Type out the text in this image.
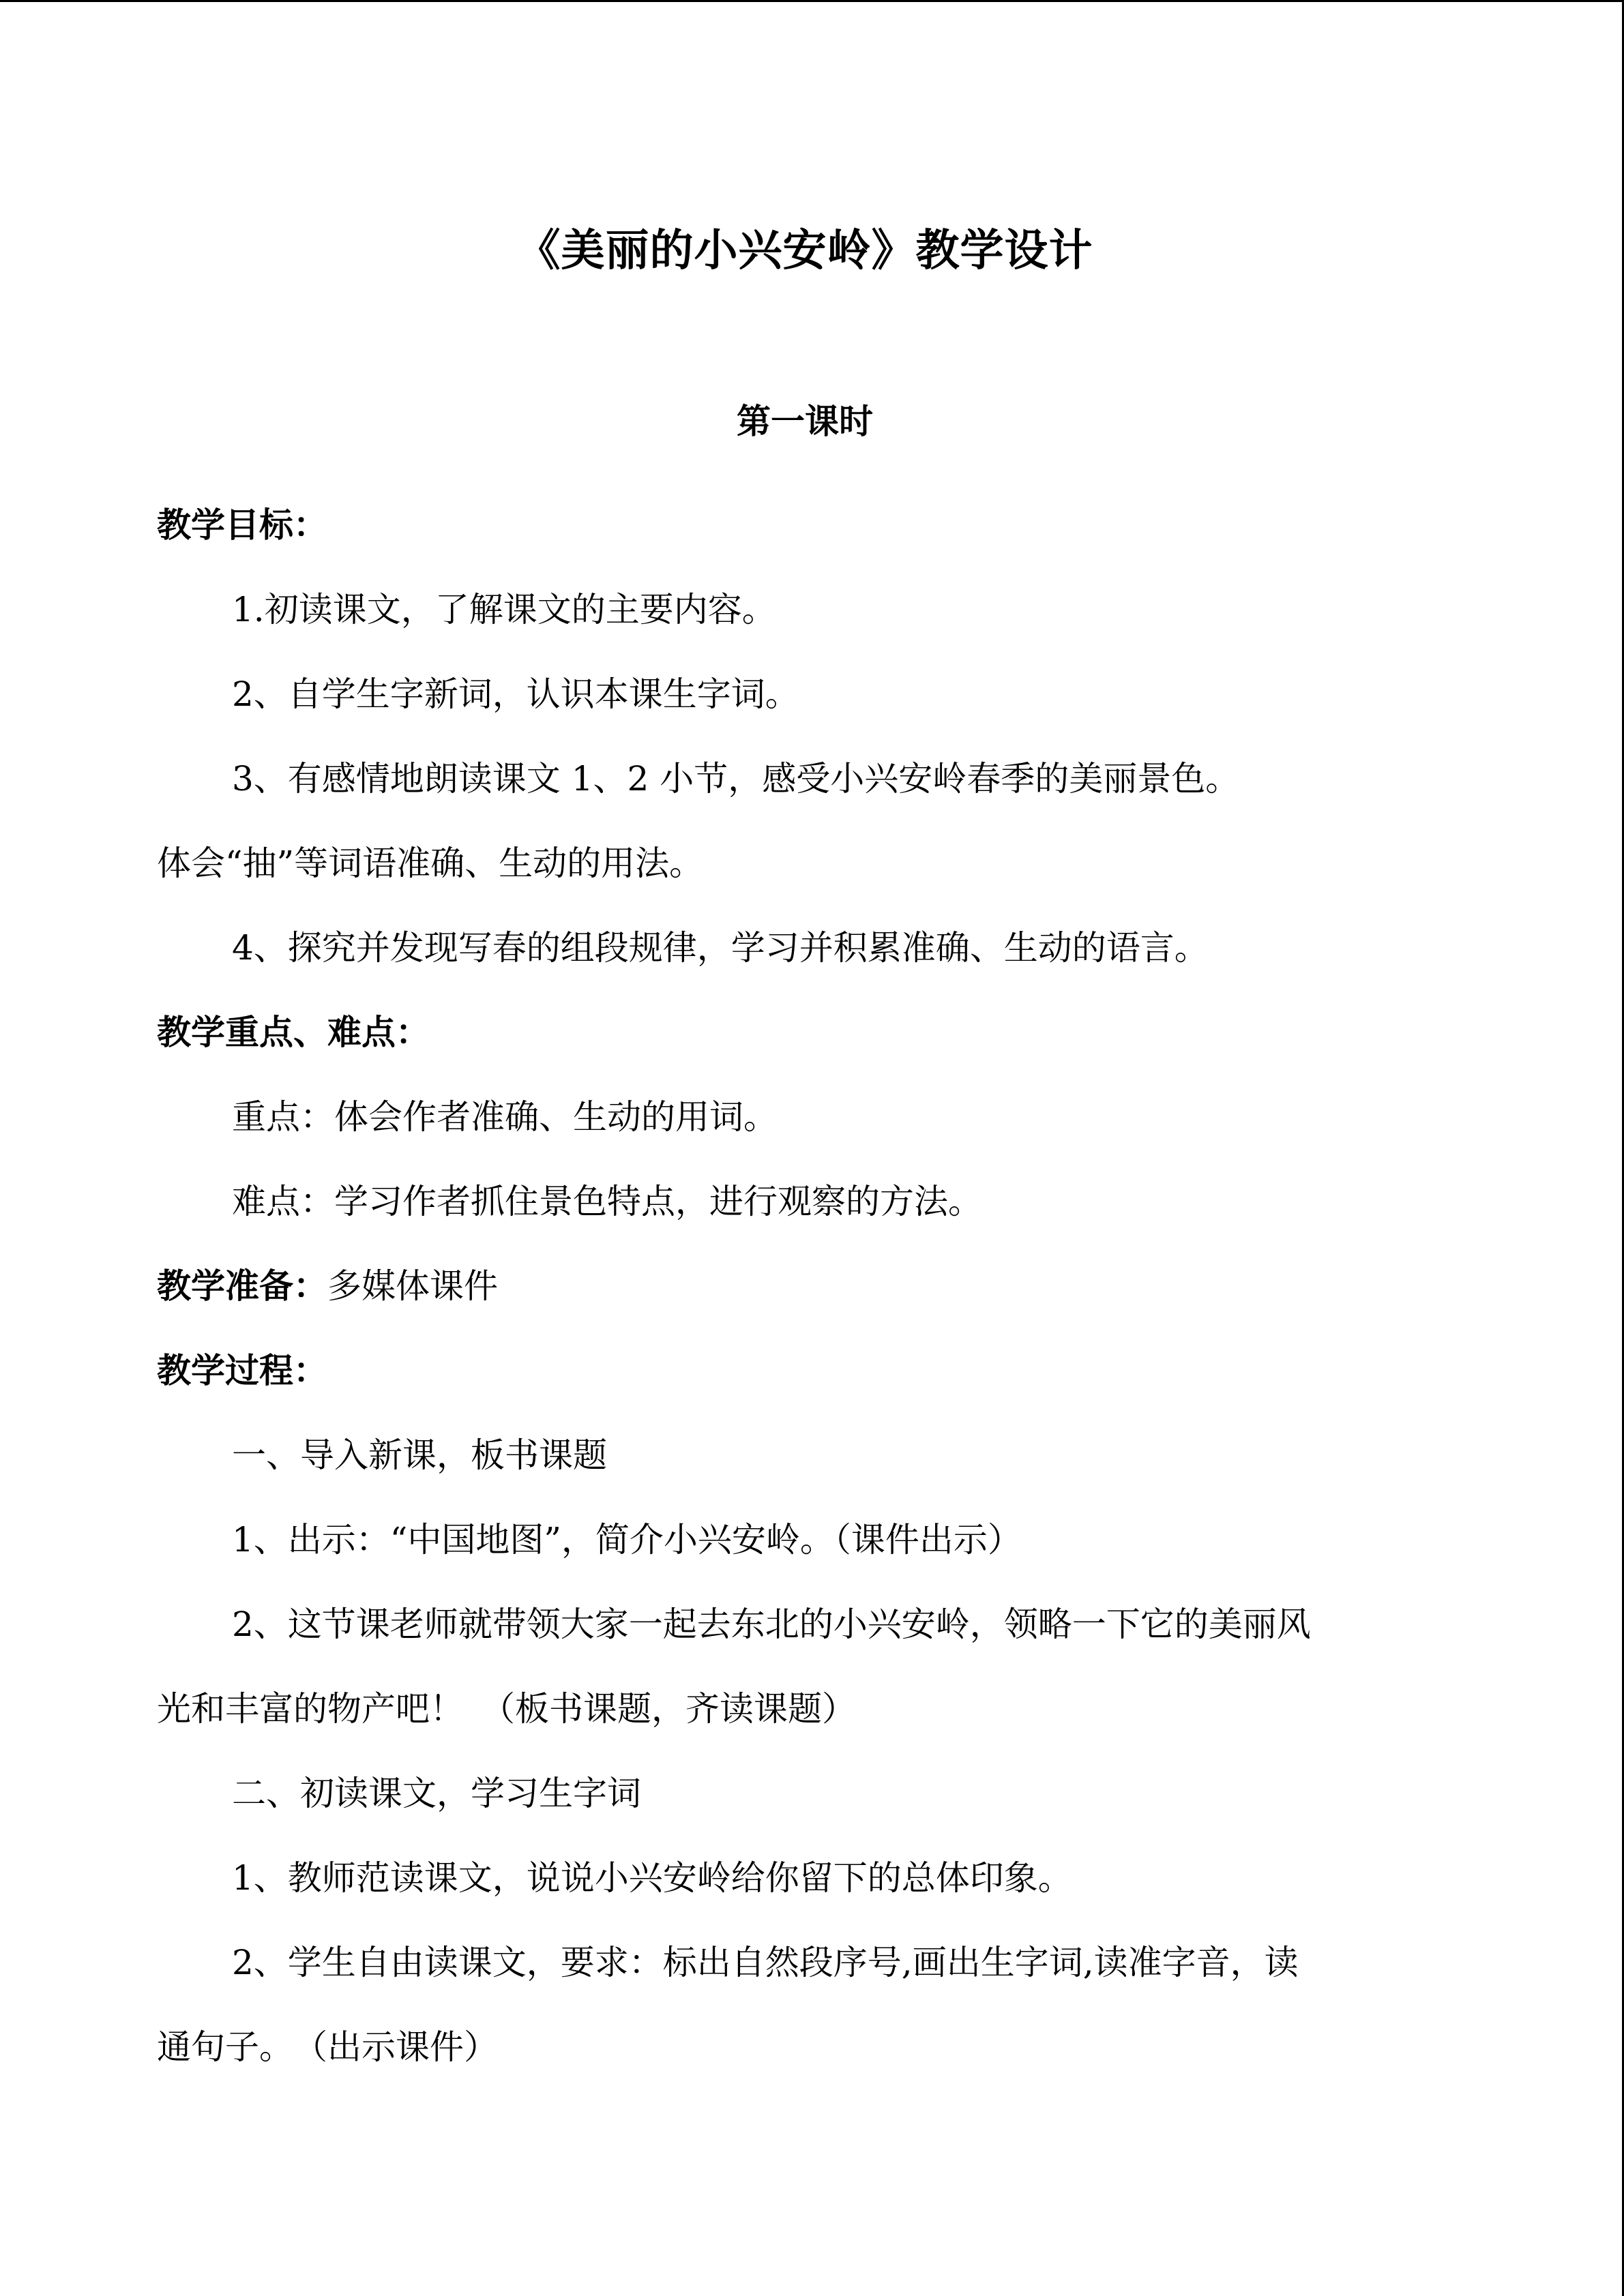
《美丽的小兴安岭》教学设计
第一课时
教学目标：
1.初读课文，了解课文的主要内容。
2、自学生字新词，认识本课生字词。
3、有感情地朗读课文 1、2 小节，感受小兴安岭春季的美丽景色。
体会“抽”等词语准确、生动的用法。
4、探究并发现写春的组段规律，学习并积累准确、生动的语言。
教学重点、难点：
重点：体会作者准确、生动的用词。
难点：学习作者抓住景色特点，进行观察的方法。
教学准备：多媒体课件
教学过程：
一、导入新课，板书课题
1、出示：“中国地图”，简介小兴安岭。（课件出示）
2、这节课老师就带领大家一起去东北的小兴安岭，领略一下它的美丽风
光和丰富的物产吧！　（板书课题，齐读课题）
二、初读课文，学习生字词
1、教师范读课文，说说小兴安岭给你留下的总体印象。
2、学生自由读课文，要求：标出自然段序号,画出生字词,读准字音，读
通句子。　（出示课件）
